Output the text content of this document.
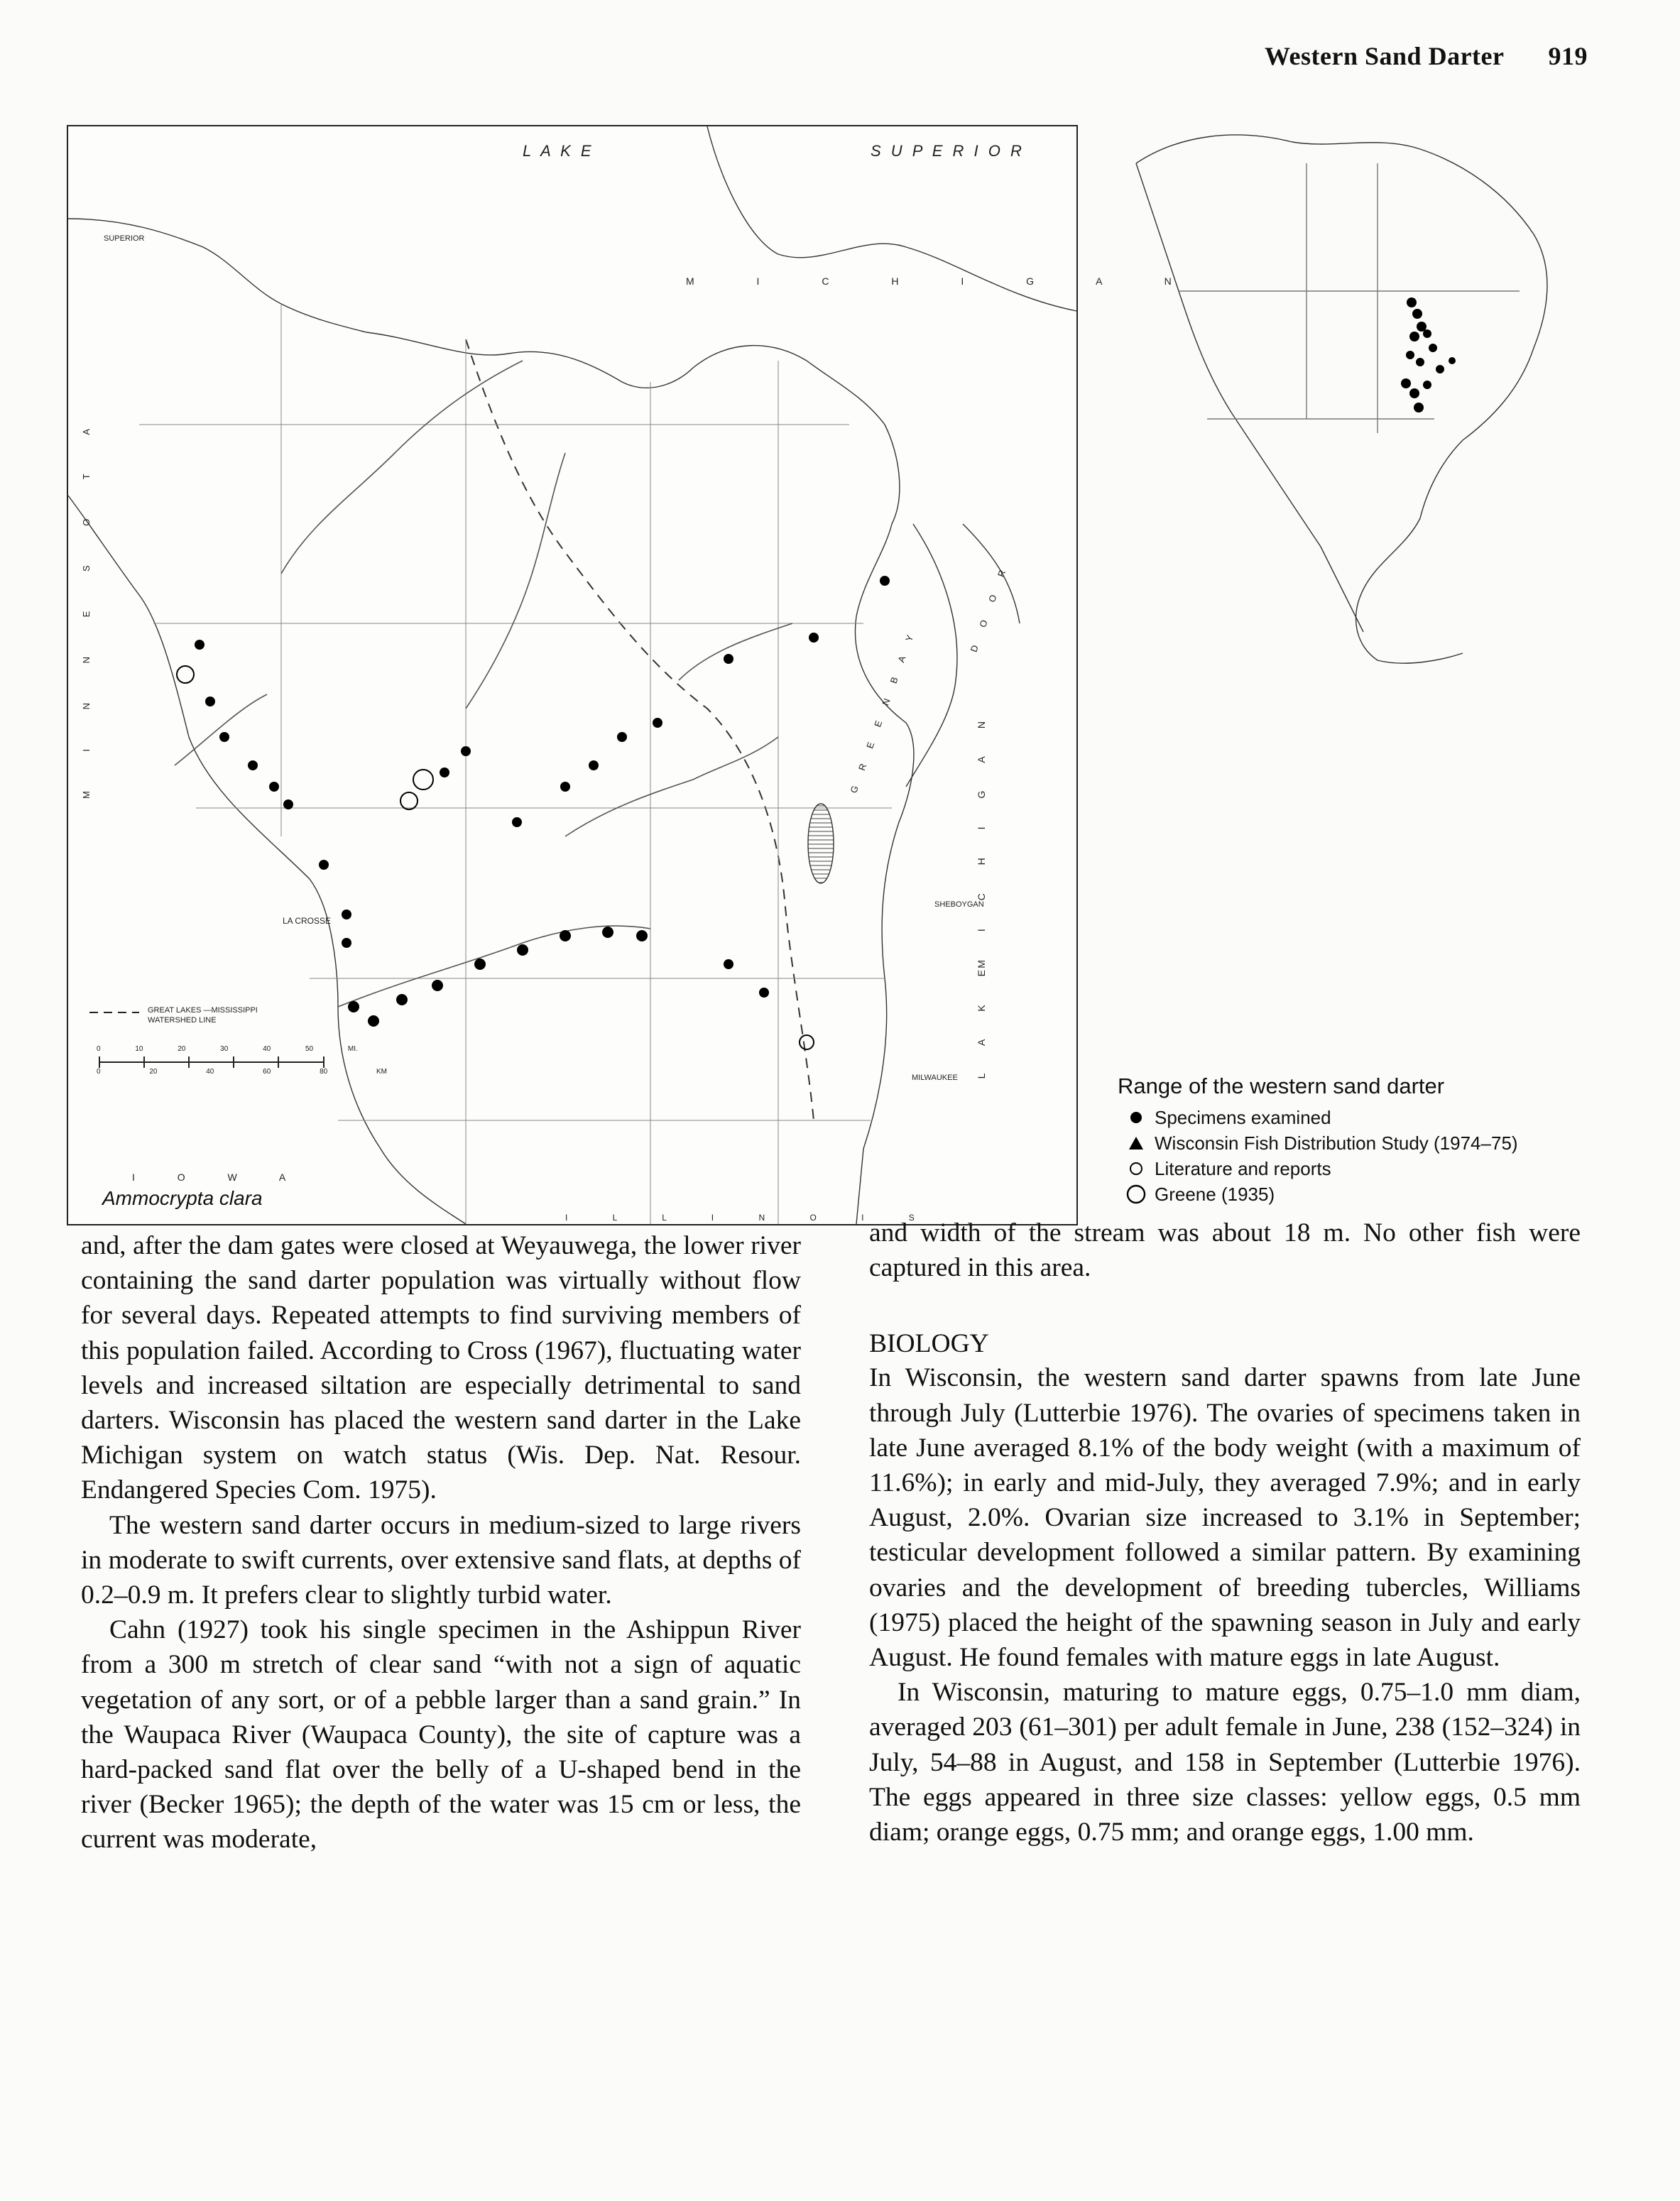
Western Sand Darter 919
L A K E	S U P E R I O R
SUPERIOR
LA CROSSE
SHEBOYGAN
MILWAUKEE
M I C H I G A N
M I C H I G A N
L A K E
G R E E N B A Y
D O O R
M I N N E S O T A
I O W A
I L L I N O I S
GREAT LAKES —MISSISSIPPI
WATERSHED LINE
0	10	20	30	40	50 MI.
0	20	40	60	80 KM
Ammocrypta clara
Range of the western sand darter
Specimens examined
Wisconsin Fish Distribution Study (1974–75)
Literature and reports
Greene (1935)

and, after the dam gates were closed at Weyauwega, the lower river containing the sand darter population was virtually without flow for several days. Repeated attempts to find surviving members of this population failed. According to Cross (1967), fluctuating water levels and increased siltation are especially detrimental to sand darters. Wisconsin has placed the western sand darter in the Lake Michigan system on watch status (Wis. Dep. Nat. Resour. Endangered Species Com. 1975).

The western sand darter occurs in medium-sized to large rivers in moderate to swift currents, over extensive sand flats, at depths of 0.2–0.9 m. It prefers clear to slightly turbid water.

Cahn (1927) took his single specimen in the Ashippun River from a 300 m stretch of clear sand “with not a sign of aquatic vegetation of any sort, or of a pebble larger than a sand grain.” In the Waupaca River (Waupaca County), the site of capture was a hard-packed sand flat over the belly of a U-shaped bend in the river (Becker 1965); the depth of the water was 15 cm or less, the current was moderate,

and width of the stream was about 18 m. No other fish were captured in this area.

BIOLOGY

In Wisconsin, the western sand darter spawns from late June through July (Lutterbie 1976). The ovaries of specimens taken in late June averaged 8.1% of the body weight (with a maximum of 11.6%); in early and mid-July, they averaged 7.9%; and in early August, 2.0%. Ovarian size increased to 3.1% in September; testicular development followed a similar pattern. By examining ovaries and the development of breeding tubercles, Williams (1975) placed the height of the spawning season in July and early August. He found females with mature eggs in late August.

In Wisconsin, maturing to mature eggs, 0.75–1.0 mm diam, averaged 203 (61–301) per adult female in June, 238 (152–324) in July, 54–88 in August, and 158 in September (Lutterbie 1976). The eggs appeared in three size classes: yellow eggs, 0.5 mm diam; orange eggs, 0.75 mm; and orange eggs, 1.00 mm.
